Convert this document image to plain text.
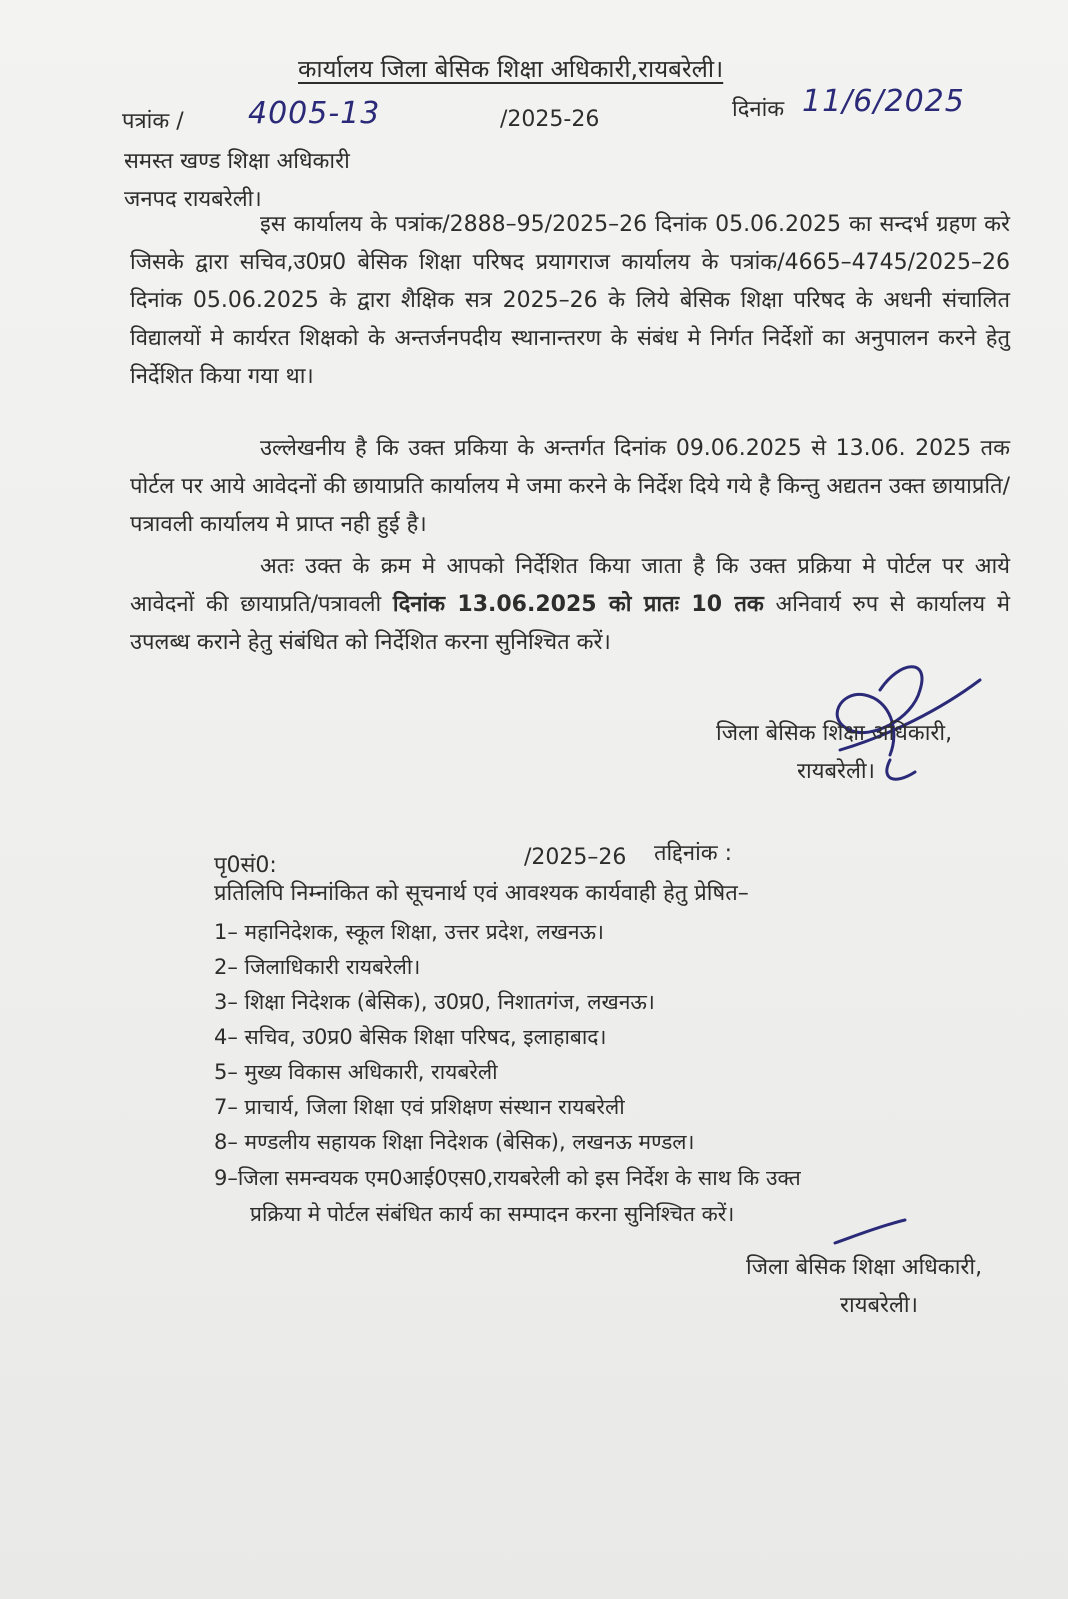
कार्यालय जिला बेसिक शिक्षा अधिकारी,रायबरेली।
पत्रांक / 4005-13	/2025-26	दिनांक 11/6/2025
समस्त खण्ड शिक्षा अधिकारी
जनपद रायबरेली।
इस कार्यालय के पत्रांक/2888–95/2025–26 दिनांक 05.06.2025 का सन्दर्भ ग्रहण करे जिसके द्वारा सचिव,उ0प्र0 बेसिक शिक्षा परिषद प्रयागराज कार्यालय के पत्रांक/4665–4745/2025–26 दिनांक 05.06.2025 के द्वारा शैक्षिक सत्र 2025–26 के लिये बेसिक शिक्षा परिषद के अधनी संचालित विद्यालयों मे कार्यरत शिक्षको के अन्तर्जनपदीय स्थानान्तरण के संबंध मे निर्गत निर्देशों का अनुपालन करने हेतु निर्देशित किया गया था।
उल्लेखनीय है कि उक्त प्रकिया के अन्तर्गत दिनांक 09.06.2025 से 13.06. 2025 तक पोर्टल पर आये आवेदनों की छायाप्रति कार्यालय मे जमा करने के निर्देश दिये गये है किन्तु अद्यतन उक्त छायाप्रति/पत्रावली कार्यालय मे प्राप्त नही हुई है।
अतः उक्त के क्रम मे आपको निर्देशित किया जाता है कि उक्त प्रक्रिया मे पोर्टल पर आये आवेदनों की छायाप्रति/पत्रावली दिनांक 13.06.2025 को प्रातः 10 तक अनिवार्य रुप से कार्यालय मे उपलब्ध कराने हेतु संबंधित को निर्देशित करना सुनिश्चित करें।
जिला बेसिक शिक्षा अधिकारी,
रायबरेली।
पृ0सं0:	/2025–26 तद्दिनांक :
प्रतिलिपि निम्नांकित को सूचनार्थ एवं आवश्यक कार्यवाही हेतु प्रेषित–
1– महानिदेशक, स्कूल शिक्षा, उत्तर प्रदेश, लखनऊ।
2– जिलाधिकारी रायबरेली।
3– शिक्षा निदेशक (बेसिक), उ0प्र0, निशातगंज, लखनऊ।
4– सचिव, उ0प्र0 बेसिक शिक्षा परिषद, इलाहाबाद।
5– मुख्य विकास अधिकारी, रायबरेली
7– प्राचार्य, जिला शिक्षा एवं प्रशिक्षण संस्थान रायबरेली
8– मण्डलीय सहायक शिक्षा निदेशक (बेसिक), लखनऊ मण्डल।
9–जिला समन्वयक एम0आई0एस0,रायबरेली को इस निर्देश के साथ कि उक्त
प्रक्रिया मे पोर्टल संबंधित कार्य का सम्पादन करना सुनिश्चित करें।
जिला बेसिक शिक्षा अधिकारी,
रायबरेली।
